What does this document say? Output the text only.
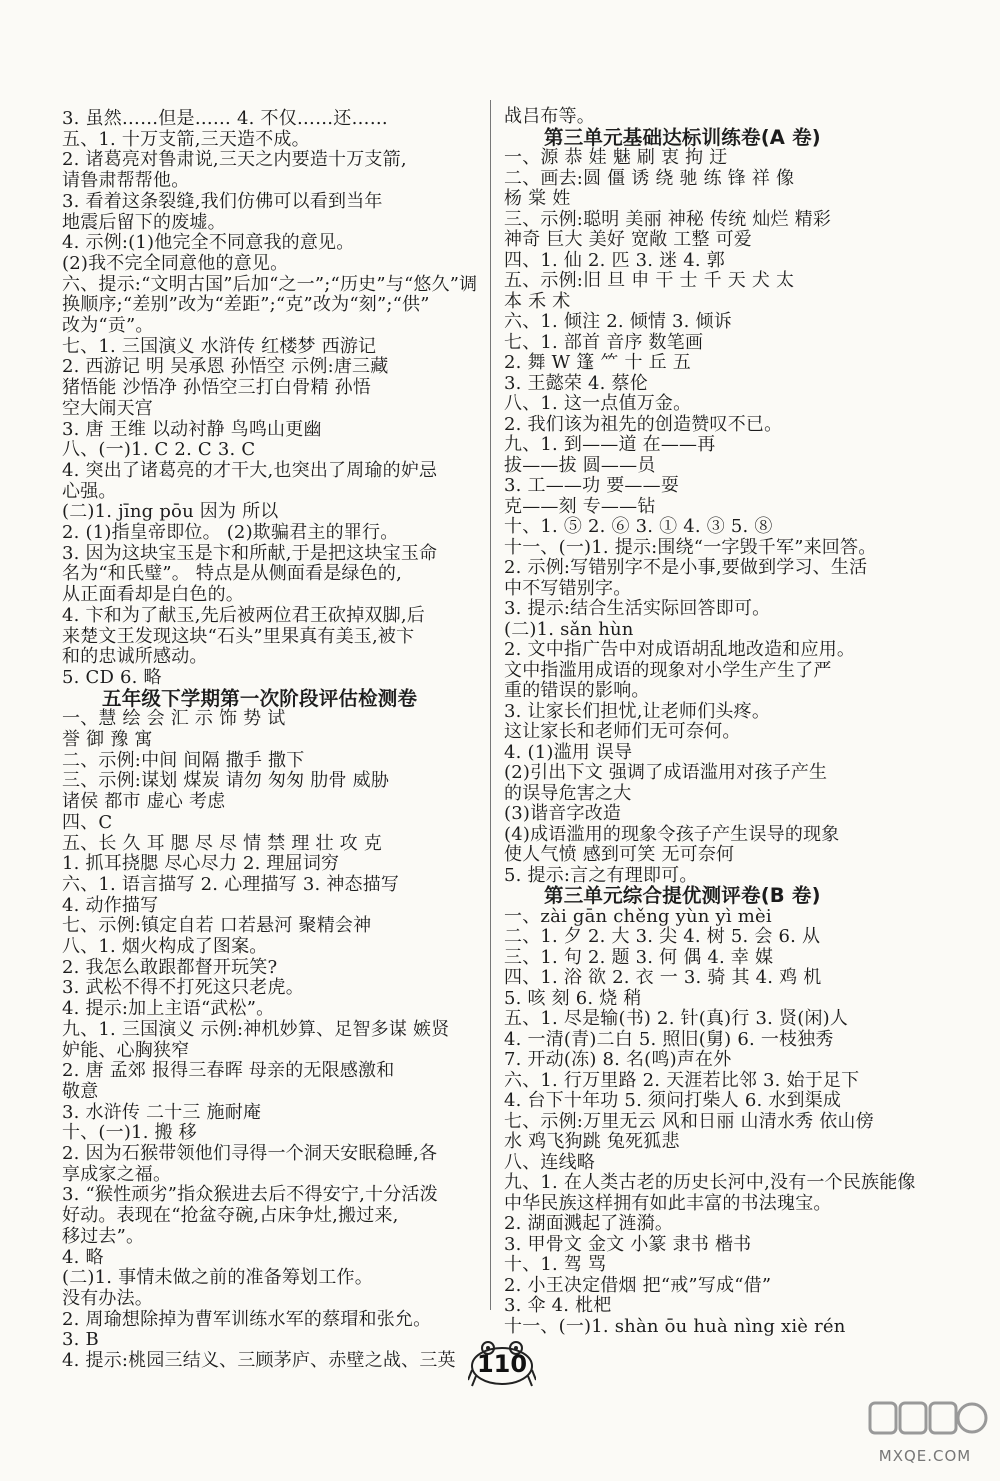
3. 虽然……但是…… 4. 不仅……还……
五、1. 十万支箭,三天造不成。
2. 诸葛亮对鲁肃说,三天之内要造十万支箭,
请鲁肃帮帮他。
3. 看着这条裂缝,我们仿佛可以看到当年
地震后留下的废墟。
4. 示例:(1)他完全不同意我的意见。
(2)我不完全同意他的意见。
六、提示:“文明古国”后加“之一”;“历史”与“悠久”调
换顺序;“差别”改为“差距”;“克”改为“刻”;“供”
改为“贡”。
七、1. 三国演义 水浒传 红楼梦 西游记
2. 西游记 明 吴承恩 孙悟空 示例:唐三藏
猪悟能 沙悟净 孙悟空三打白骨精 孙悟
空大闹天宫
3. 唐 王维 以动衬静 鸟鸣山更幽
八、(一)1. C 2. C 3. C
4. 突出了诸葛亮的才干大,也突出了周瑜的妒忌
心强。
(二)1. jīng pōu 因为 所以
2. (1)指皇帝即位。 (2)欺骗君主的罪行。
3. 因为这块宝玉是卞和所献,于是把这块宝玉命
名为“和氏璧”。 特点是从侧面看是绿色的,
从正面看却是白色的。
4. 卞和为了献玉,先后被两位君王砍掉双脚,后
来楚文王发现这块“石头”里果真有美玉,被卞
和的忠诚所感动。
5. CD 6. 略
五年级下学期第一次阶段评估检测卷
一、慧 绘 会 汇 示 饰 势 试
誉 御 豫 寓
二、示例:中间 间隔 撒手 撒下
三、示例:谋划 煤炭 请勿 匆匆 肋骨 威胁
诸侯 都市 虚心 考虑
四、C
五、长 久 耳 腮 尽 尽 情 禁 理 壮 攻 克
1. 抓耳挠腮 尽心尽力 2. 理屈词穷
六、1. 语言描写 2. 心理描写 3. 神态描写
4. 动作描写
七、示例:镇定自若 口若悬河 聚精会神
八、1. 烟火构成了图案。
2. 我怎么敢跟都督开玩笑?
3. 武松不得不打死这只老虎。
4. 提示:加上主语“武松”。
九、1. 三国演义 示例:神机妙算、足智多谋 嫉贤
妒能、心胸狭窄
2. 唐 孟郊 报得三春晖 母亲的无限感激和
敬意
3. 水浒传 二十三 施耐庵
十、(一)1. 搬 移
2. 因为石猴带领他们寻得一个洞天安眠稳睡,各
享成家之福。
3. “猴性顽劣”指众猴进去后不得安宁,十分活泼
好动。表现在“抢盆夺碗,占床争灶,搬过来,
移过去”。
4. 略
(二)1. 事情未做之前的准备筹划工作。
没有办法。
2. 周瑜想除掉为曹军训练水军的蔡瑁和张允。
3. B
4. 提示:桃园三结义、三顾茅庐、赤壁之战、三英
战吕布等。
第三单元基础达标训练卷(A 卷)
一、源 恭 娃 魅 刷 衷 拘 迂
二、画去:圆 僵 诱 绕 驰 练 锋 祥 像
杨 棠 姓
三、示例:聪明 美丽 神秘 传统 灿烂 精彩
神奇 巨大 美好 宽敞 工整 可爱
四、1. 仙 2. 匹 3. 迷 4. 郭
五、示例:旧 旦 申 干 士 千 天 犬 太
本 禾 术
六、1. 倾注 2. 倾情 3. 倾诉
七、1. 部首 音序 数笔画
2. 舞 W 篷 ⺮ 十 丘 五
3. 王懿荣 4. 蔡伦
八、1. 这一点值万金。
2. 我们该为祖先的创造赞叹不已。
九、1. 到——道 在——再
拔——拔 圆——员
3. 工——功 要——耍
克——刻 专——钻
十、1. ⑤ 2. ⑥ 3. ① 4. ③ 5. ⑧
十一、(一)1. 提示:围绕“一字毁千军”来回答。
2. 示例:写错别字不是小事,要做到学习、生活
中不写错别字。
3. 提示:结合生活实际回答即可。
(二)1. sǎn hùn
2. 文中指广告中对成语胡乱地改造和应用。
文中指滥用成语的现象对小学生产生了严
重的错误的影响。
3. 让家长们担忧,让老师们头疼。
这让家长和老师们无可奈何。
4. (1)滥用 误导
(2)引出下文 强调了成语滥用对孩子产生
的误导危害之大
(3)谐音字改造
(4)成语滥用的现象令孩子产生误导的现象
使人气愤 感到可笑 无可奈何
5. 提示:言之有理即可。
第三单元综合提优测评卷(B 卷)
一、zài gān chěng yùn yì mèi
二、1. 夕 2. 大 3. 尖 4. 树 5. 会 6. 从
三、1. 句 2. 题 3. 何 偶 4. 幸 媒
四、1. 浴 欲 2. 衣 一 3. 骑 其 4. 鸡 机
5. 咳 刻 6. 烧 稍
五、1. 尽是输(书) 2. 针(真)行 3. 贤(闲)人
4. 一清(青)二白 5. 照旧(舅) 6. 一枝独秀
7. 开动(冻) 8. 名(鸣)声在外
六、1. 行万里路 2. 天涯若比邻 3. 始于足下
4. 台下十年功 5. 须问打柴人 6. 水到渠成
七、示例:万里无云 风和日丽 山清水秀 依山傍
水 鸡飞狗跳 兔死狐悲
八、连线略
九、1. 在人类古老的历史长河中,没有一个民族能像
中华民族这样拥有如此丰富的书法瑰宝。
2. 湖面溅起了涟漪。
3. 甲骨文 金文 小篆 隶书 楷书
十、1. 驾 骂
2. 小王决定借烟 把“戒”写成“借”
3. 伞 4. 枇杷
十一、(一)1. shàn ōu huà nìng xiè rén
110
MXQE.COM
